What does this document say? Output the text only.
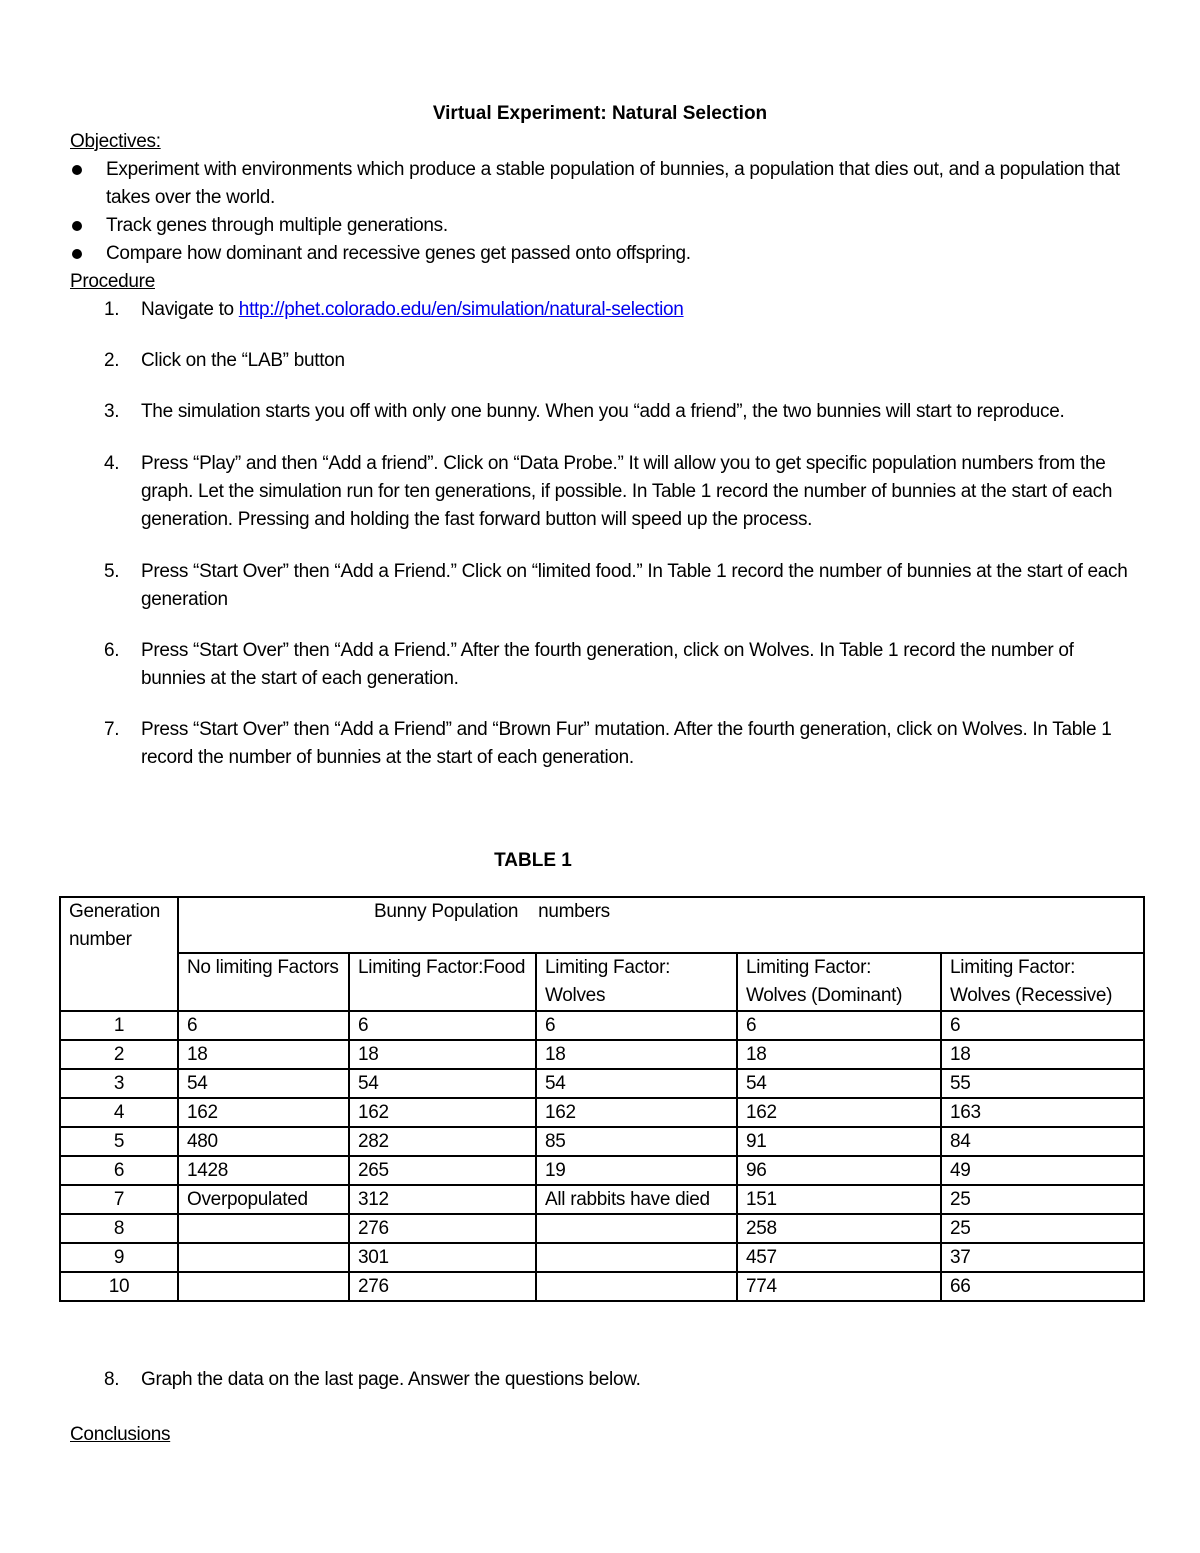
Virtual Experiment: Natural Selection
Objectives:
Experiment with environments which produce a stable population of bunnies, a population that dies out, and a population that takes over the world.
Track genes through multiple generations.
Compare how dominant and recessive genes get passed onto offspring.
Procedure
1. Navigate to http://phet.colorado.edu/en/simulation/natural-selection
2. Click on the “LAB” button
3. The simulation starts you off with only one bunny. When you “add a friend”, the two bunnies will start to reproduce.
4. Press “Play” and then “Add a friend”. Click on “Data Probe.” It will allow you to get specific population numbers from the graph. Let the simulation run for ten generations, if possible. In Table 1 record the number of bunnies at the start of each generation. Pressing and holding the fast forward button will speed up the process.
5. Press “Start Over” then “Add a Friend.” Click on “limited food.” In Table 1 record the number of bunnies at the start of each generation
6. Press “Start Over” then “Add a Friend.” After the fourth generation, click on Wolves. In Table 1 record the number of bunnies at the start of each generation.
7. Press “Start Over” then “Add a Friend” and “Brown Fur” mutation. After the fourth generation, click on Wolves. In Table 1 record the number of bunnies at the start of each generation.
TABLE 1
Generation number	Bunny Population    numbers				
	No limiting Factors	Limiting Factor:Food	Limiting Factor: Wolves	Limiting Factor: Wolves (Dominant)	Limiting Factor: Wolves (Recessive)
1	6	6	6	6	6
2	18	18	18	18	18
3	54	54	54	54	55
4	162	162	162	162	163
5	480	282	85	91	84
6	1428	265	19	96	49
7	Overpopulated	312	All rabbits have died	151	25
8		276		258	25
9		301		457	37
10		276		774	66
8. Graph the data on the last page. Answer the questions below.
Conclusions
